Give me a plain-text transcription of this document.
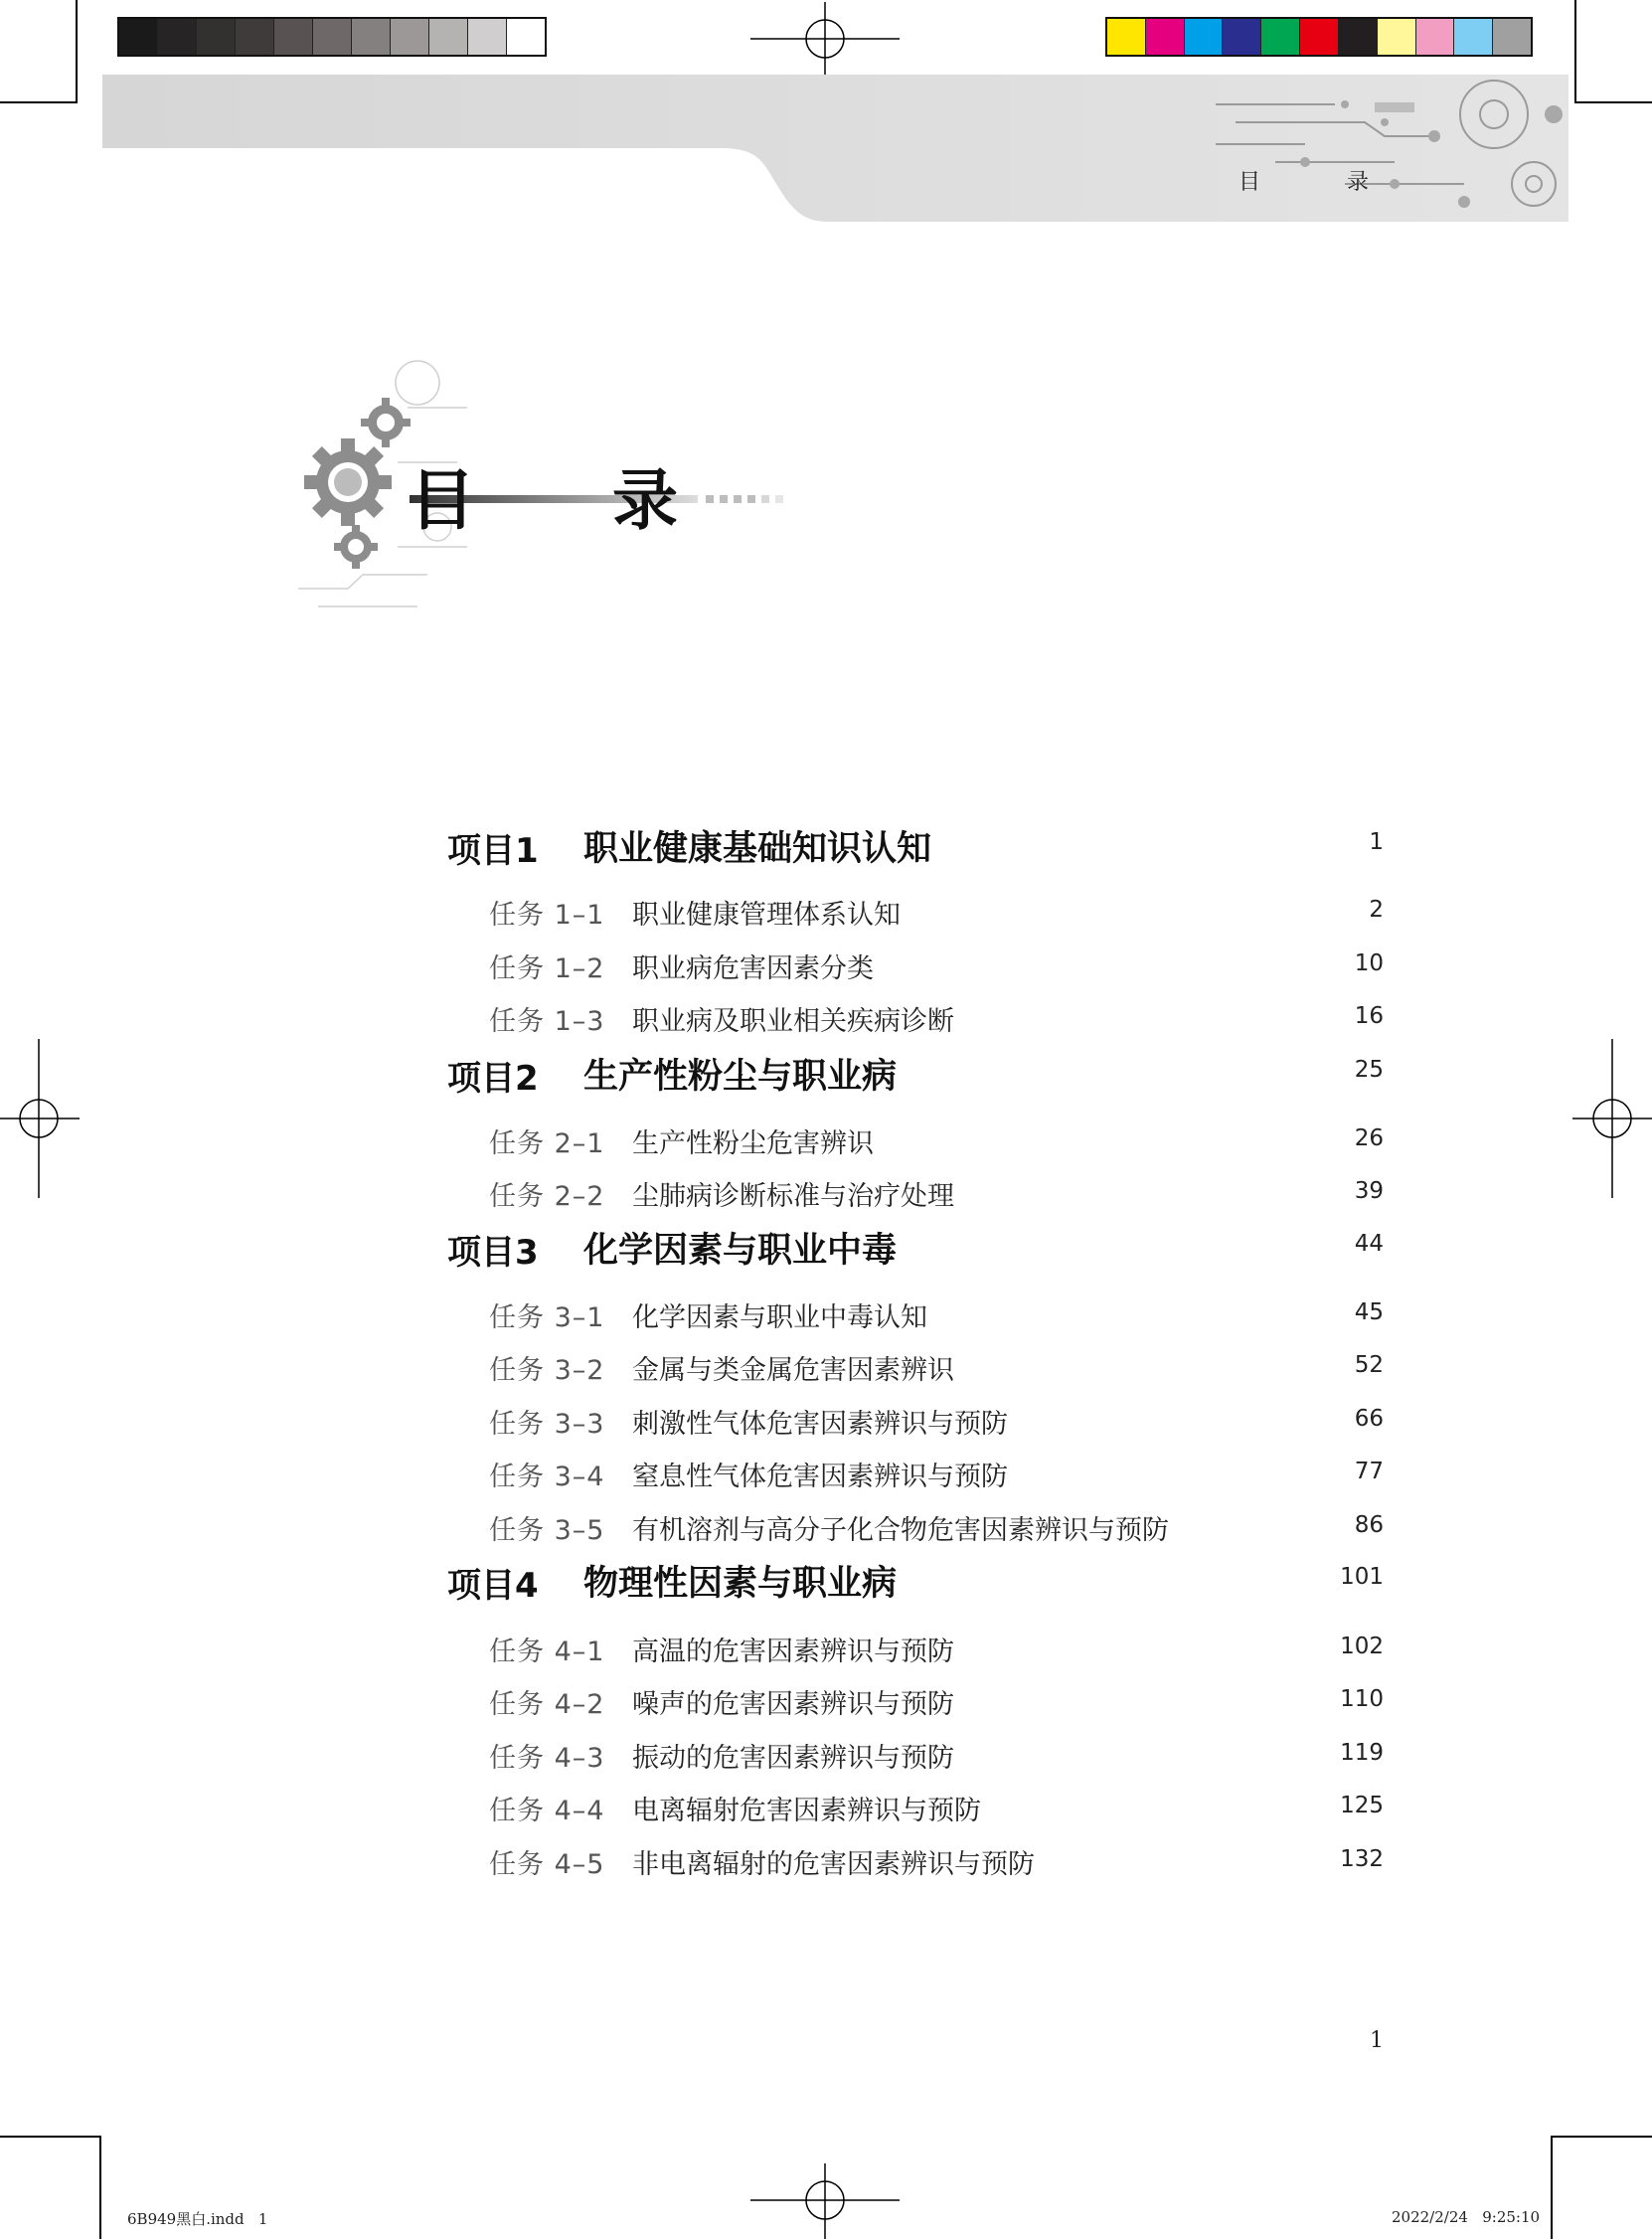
目 录
目 录
项目1 职业健康基础知识认知	1
任务 1–1 职业健康管理体系认知	2
任务 1–2 职业病危害因素分类	10
任务 1–3 职业病及职业相关疾病诊断	16
项目2 生产性粉尘与职业病	25
任务 2–1 生产性粉尘危害辨识	26
任务 2–2 尘肺病诊断标准与治疗处理	39
项目3 化学因素与职业中毒	44
任务 3–1 化学因素与职业中毒认知	45
任务 3–2 金属与类金属危害因素辨识	52
任务 3–3 刺激性气体危害因素辨识与预防	66
任务 3–4 窒息性气体危害因素辨识与预防	77
任务 3–5 有机溶剂与高分子化合物危害因素辨识与预防	86
项目4 物理性因素与职业病	101
任务 4–1 高温的危害因素辨识与预防	102
任务 4–2 噪声的危害因素辨识与预防	110
任务 4–3 振动的危害因素辨识与预防	119
任务 4–4 电离辐射危害因素辨识与预防	125
任务 4–5 非电离辐射的危害因素辨识与预防	132
1
6B949黑白.indd   1	2022/2/24   9:25:10
